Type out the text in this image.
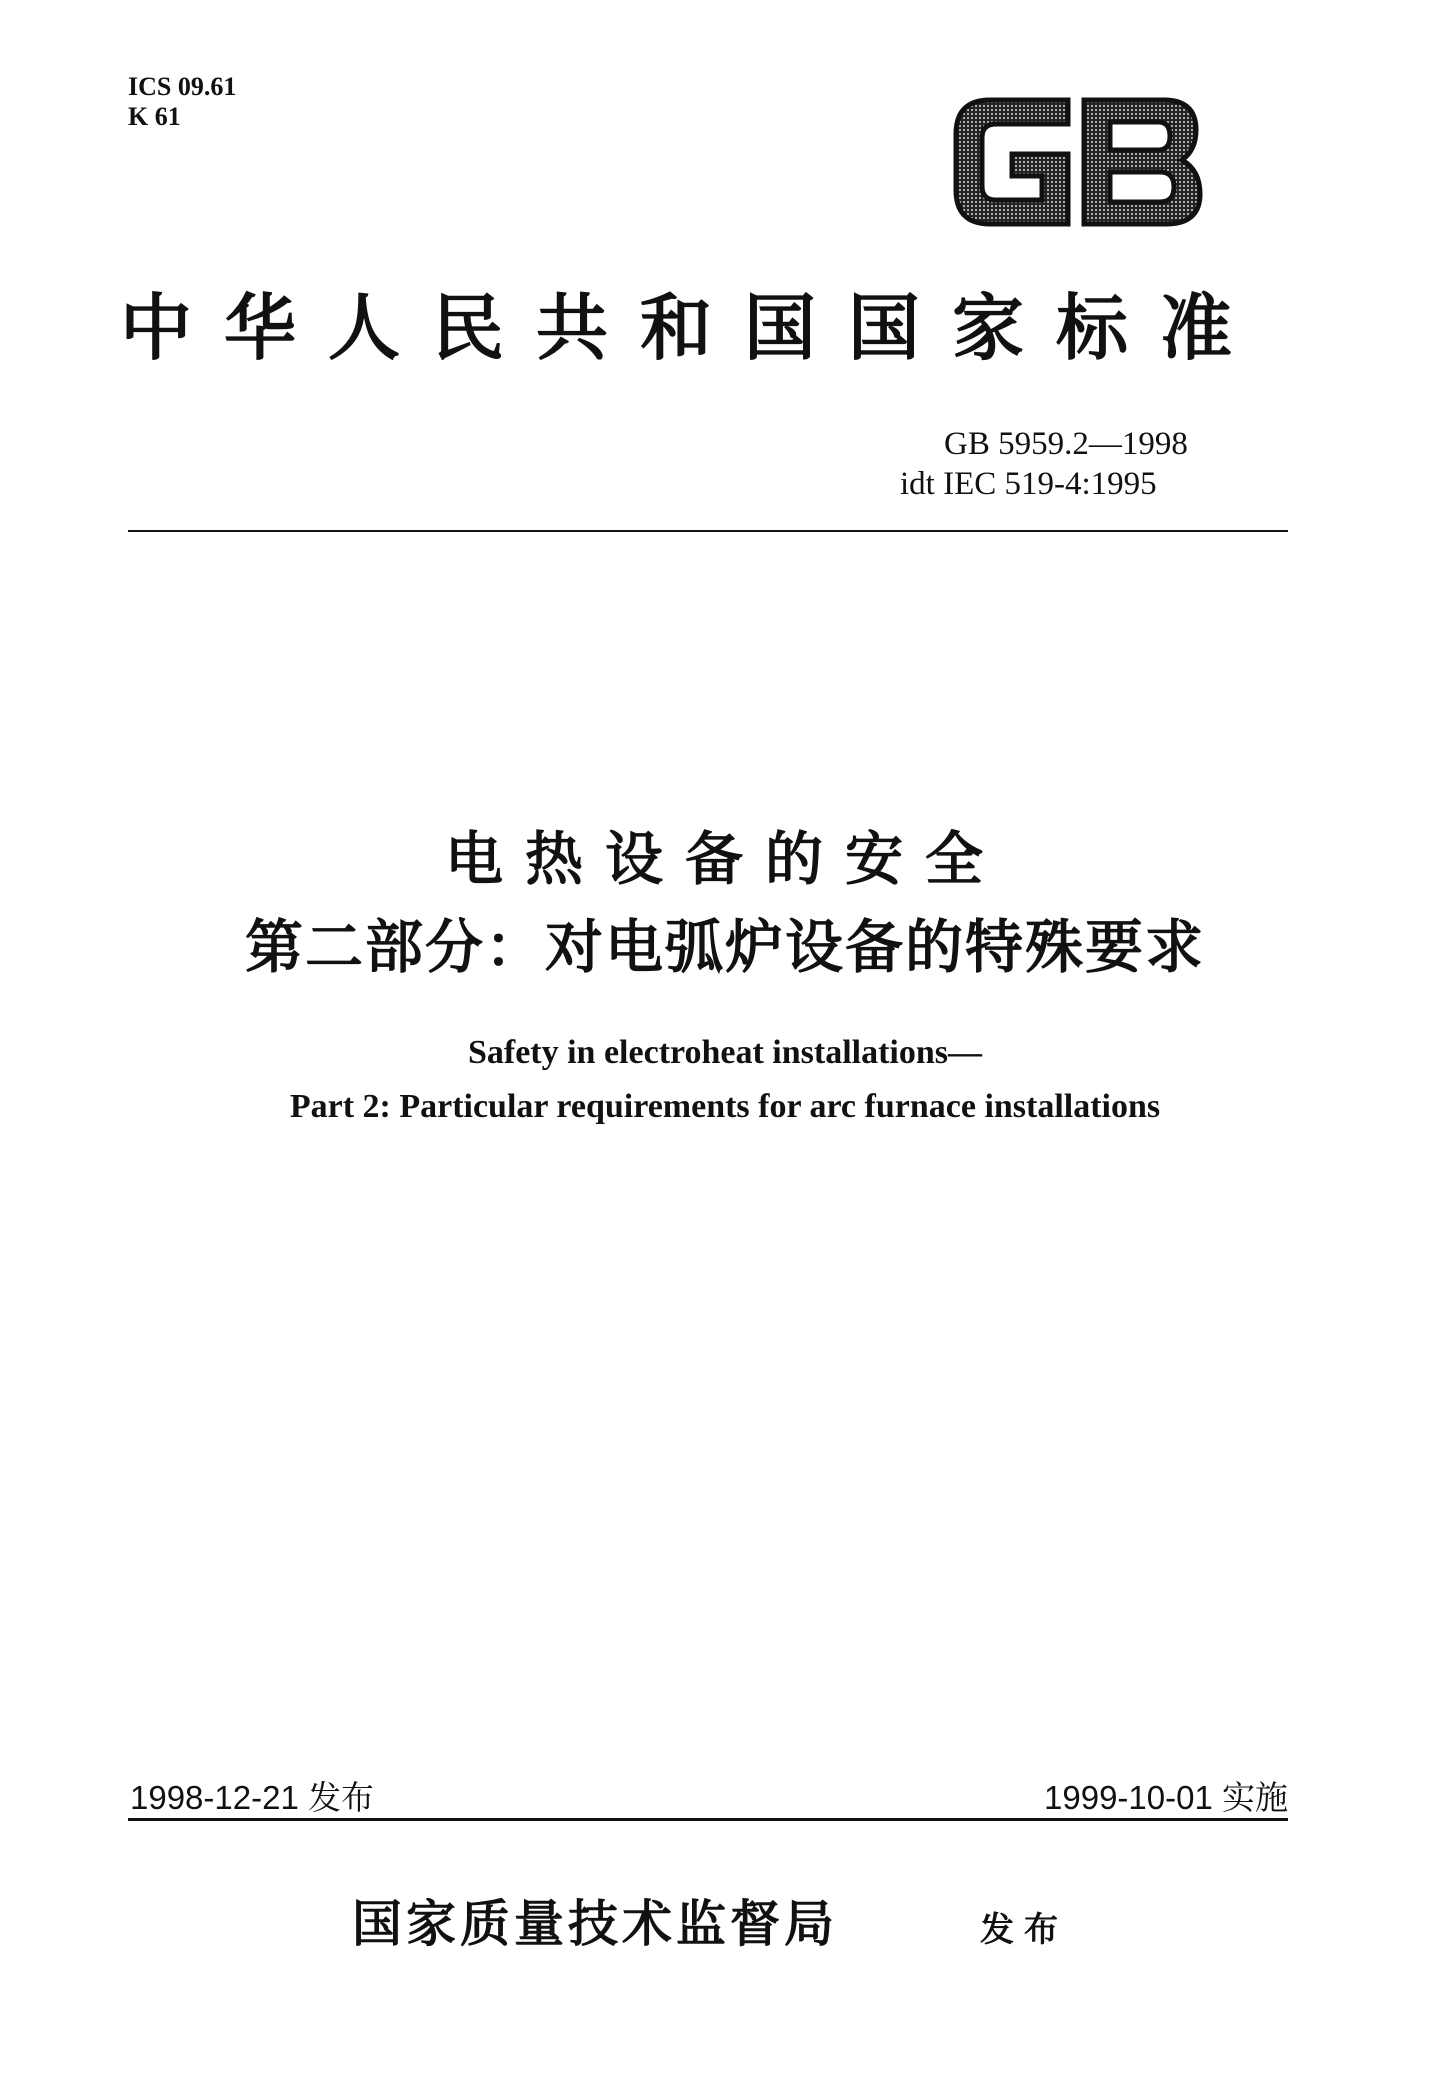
ICS 09.61
K 61
中华人民共和国国家标准
GB 5959.2—1998
idt IEC 519-4:1995
电热设备的安全
第二部分：对电弧炉设备的特殊要求
Safety in electroheat installations—
Part 2: Particular requirements for arc furnace installations
1998-12-21 发布	1999-10-01 实施
国家质量技术监督局	发布
